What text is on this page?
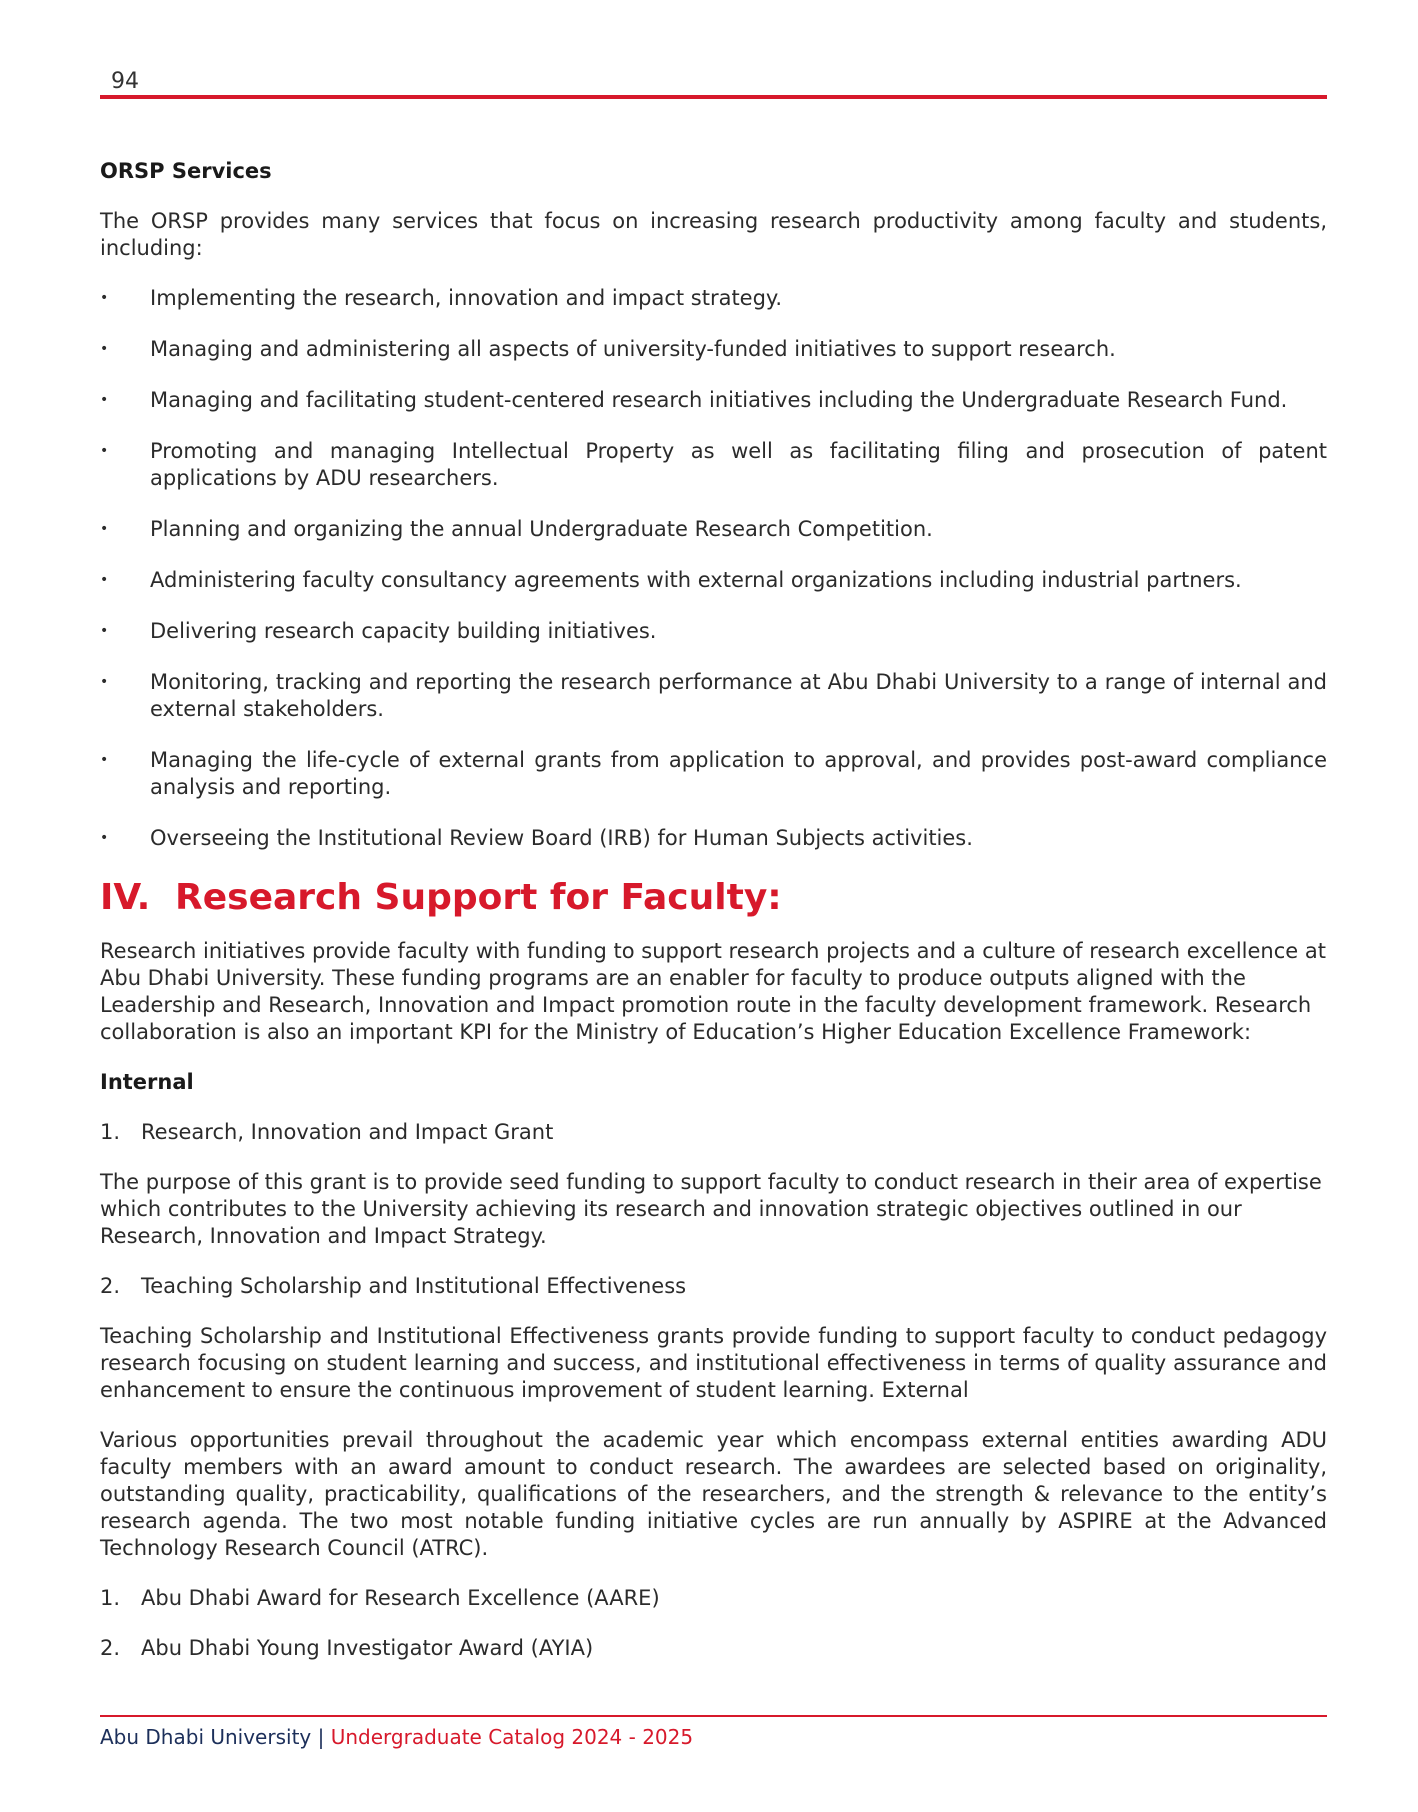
94

ORSP Services

The ORSP provides many services that focus on increasing research productivity among faculty and students, including:

• Implementing the research, innovation and impact strategy.
• Managing and administering all aspects of university-funded initiatives to support research.
• Managing and facilitating student-centered research initiatives including the Undergraduate Research Fund.
• Promoting and managing Intellectual Property as well as facilitating filing and prosecution of patent applications by ADU researchers.
• Planning and organizing the annual Undergraduate Research Competition.
• Administering faculty consultancy agreements with external organizations including industrial partners.
• Delivering research capacity building initiatives.
• Monitoring, tracking and reporting the research performance at Abu Dhabi University to a range of internal and external stakeholders.
• Managing the life-cycle of external grants from application to approval, and provides post-award compliance analysis and reporting.
• Overseeing the Institutional Review Board (IRB) for Human Subjects activities.
IV. Research Support for Faculty:

Research initiatives provide faculty with funding to support research projects and a culture of research excellence at Abu Dhabi University. These funding programs are an enabler for faculty to produce outputs aligned with the Leadership and Research, Innovation and Impact promotion route in the faculty development framework. Research collaboration is also an important KPI for the Ministry of Education’s Higher Education Excellence Framework:

Internal

1. Research, Innovation and Impact Grant

The purpose of this grant is to provide seed funding to support faculty to conduct research in their area of expertise which contributes to the University achieving its research and innovation strategic objectives outlined in our Research, Innovation and Impact Strategy.

2. Teaching Scholarship and Institutional Effectiveness

Teaching Scholarship and Institutional Effectiveness grants provide funding to support faculty to conduct pedagogy research focusing on student learning and success, and institutional effectiveness in terms of quality assurance and enhancement to ensure the continuous improvement of student learning. External

Various opportunities prevail throughout the academic year which encompass external entities awarding ADU faculty members with an award amount to conduct research. The awardees are selected based on originality, outstanding quality, practicability, qualifications of the researchers, and the strength & relevance to the entity’s research agenda. The two most notable funding initiative cycles are run annually by ASPIRE at the Advanced Technology Research Council (ATRC).

1. Abu Dhabi Award for Research Excellence (AARE)

2. Abu Dhabi Young Investigator Award (AYIA)

Abu Dhabi University | Undergraduate Catalog 2024 - 2025
